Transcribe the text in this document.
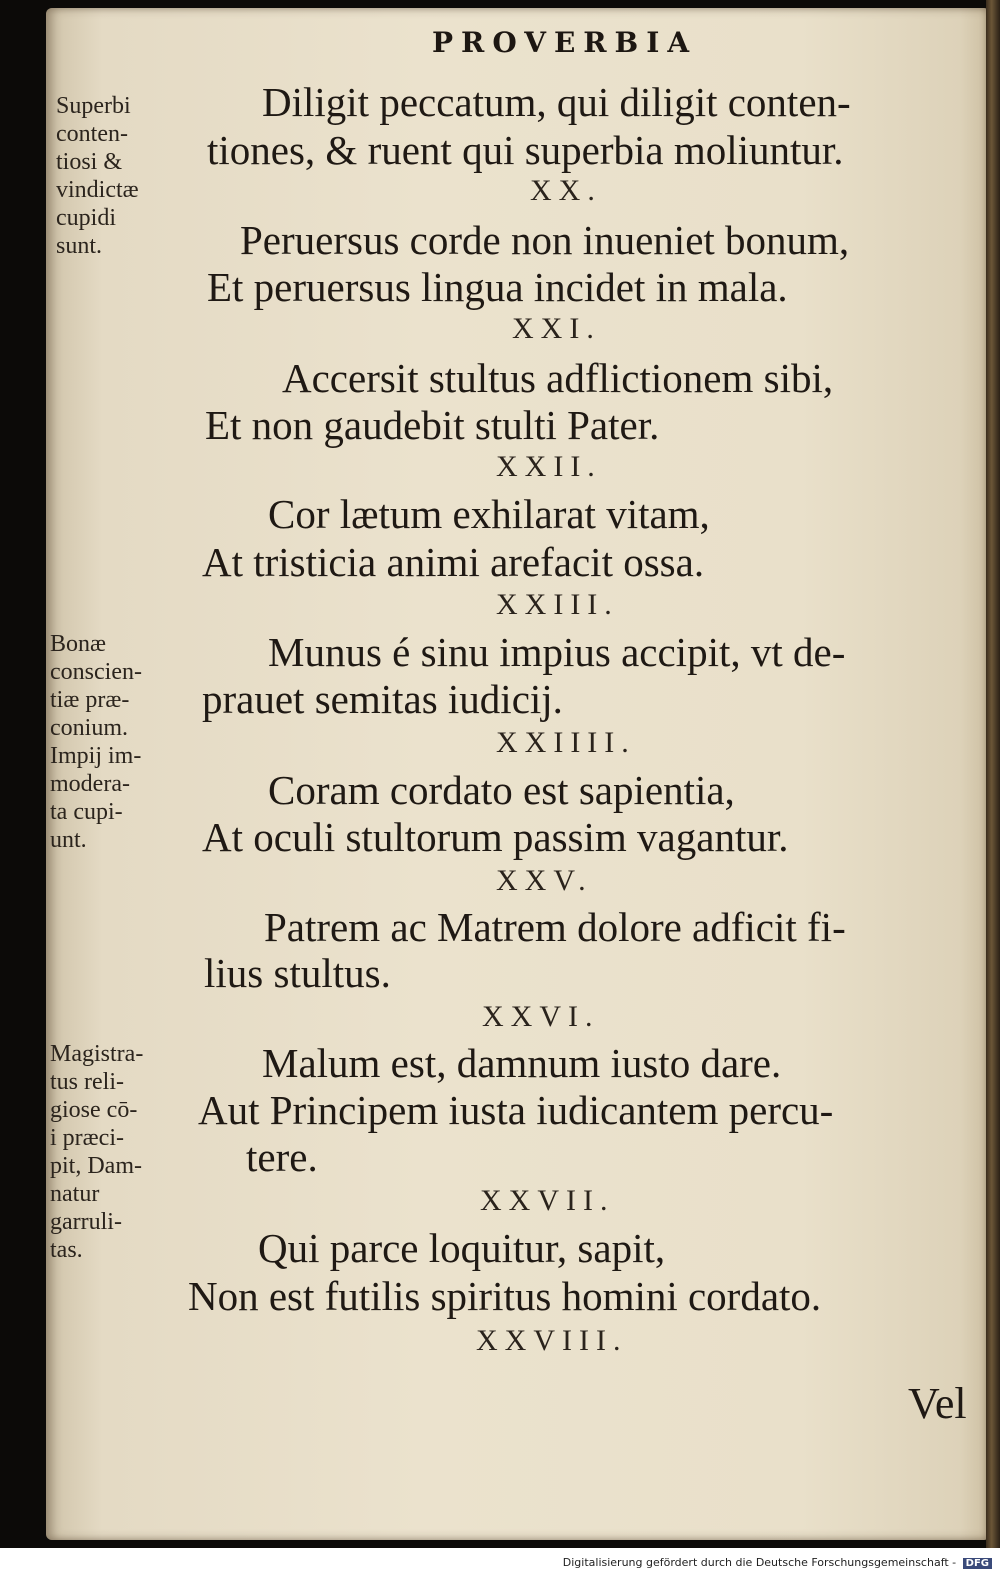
PROVERBIA
Diligit peccatum, qui diligit conten-
tiones, & ruent qui superbia moliuntur.
Peruersus corde non inueniet bonum,
Et peruersus lingua incidet in mala.
Accersit stultus adflictionem sibi,
Et non gaudebit stulti Pater.
Cor lætum exhilarat vitam,
At tristicia animi arefacit ossa.
Munus é sinu impius accipit, vt de-
prauet semitas iudicij.
Coram cordato est sapientia,
At oculi stultorum passim vagantur.
Patrem ac Matrem dolore adficit fi-
lius stultus.
Malum est, damnum iusto dare.
Aut Principem iusta iudicantem percu-
tere.
Qui parce loquitur, sapit,
Non est futilis spiritus homini cordato.
XX.
XXI.
XXII.
XXIII.
XXIIII.
XXV.
XXVI.
XXVII.
XXVIII.
Superbi
conten-
tiosi &
vindictæ
cupidi
sunt.
Bonæ
conscien-
tiæ præ-
conium.
Impij im-
modera-
ta cupi-
unt.
Magistra-
tus reli-
giose cō-
i præci-
pit, Dam-
natur
garruli-
tas.
Vel
Digitalisierung gefördert durch die Deutsche Forschungsgemeinschaft - DFG
